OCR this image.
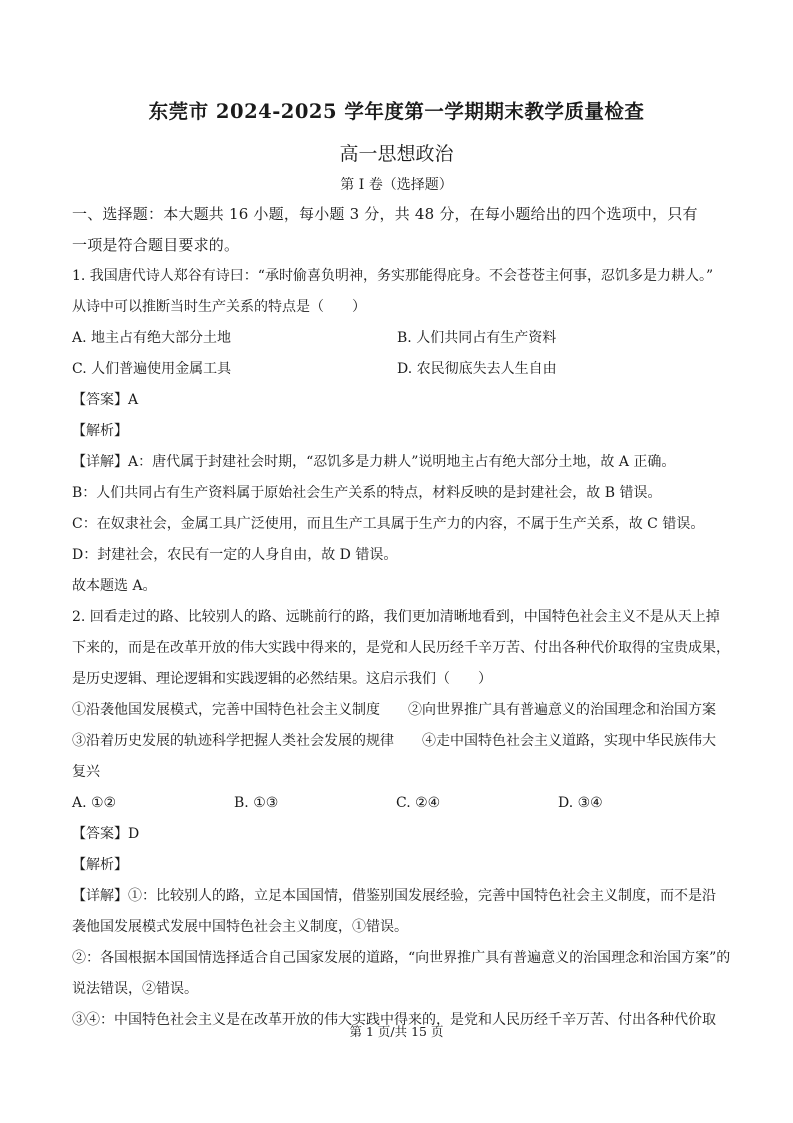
东莞市 2024-2025 学年度第一学期期末教学质量检查
高一思想政治
第 I 卷（选择题）
一、选择题：本大题共 16 小题，每小题 3 分，共 48 分，在每小题给出的四个选项中，只有
一项是符合题目要求的。
1. 我国唐代诗人郑谷有诗曰：“承时偷喜负明神，务实那能得庇身。不会苍苍主何事，忍饥多是力耕人。”
从诗中可以推断当时生产关系的特点是（　　）
A. 地主占有绝大部分土地	B. 人们共同占有生产资料
C. 人们普遍使用金属工具	D. 农民彻底失去人生自由
【答案】A
【解析】
【详解】A：唐代属于封建社会时期，“忍饥多是力耕人”说明地主占有绝大部分土地，故 A 正确。
B：人们共同占有生产资料属于原始社会生产关系的特点，材料反映的是封建社会，故 B 错误。
C：在奴隶社会，金属工具广泛使用，而且生产工具属于生产力的内容，不属于生产关系，故 C 错误。
D：封建社会，农民有一定的人身自由，故 D 错误。
故本题选 A。
2. 回看走过的路、比较别人的路、远眺前行的路，我们更加清晰地看到，中国特色社会主义不是从天上掉
下来的，而是在改革开放的伟大实践中得来的，是党和人民历经千辛万苦、付出各种代价取得的宝贵成果，
是历史逻辑、理论逻辑和实践逻辑的必然结果。这启示我们（　　）
①沿袭他国发展模式，完善中国特色社会主义制度　　②向世界推广具有普遍意义的治国理念和治国方案
③沿着历史发展的轨迹科学把握人类社会发展的规律　　④走中国特色社会主义道路，实现中华民族伟大
复兴
A. ①②	B. ①③	C. ②④	D. ③④
【答案】D
【解析】
【详解】①：比较别人的路，立足本国国情，借鉴别国发展经验，完善中国特色社会主义制度，而不是沿
袭他国发展模式发展中国特色社会主义制度，①错误。
②：各国根据本国国情选择适合自己国家发展的道路，“向世界推广具有普遍意义的治国理念和治国方案”的
说法错误，②错误。
③④：中国特色社会主义是在改革开放的伟大实践中得来的，是党和人民历经千辛万苦、付出各种代价取
第 1 页/共 15 页
